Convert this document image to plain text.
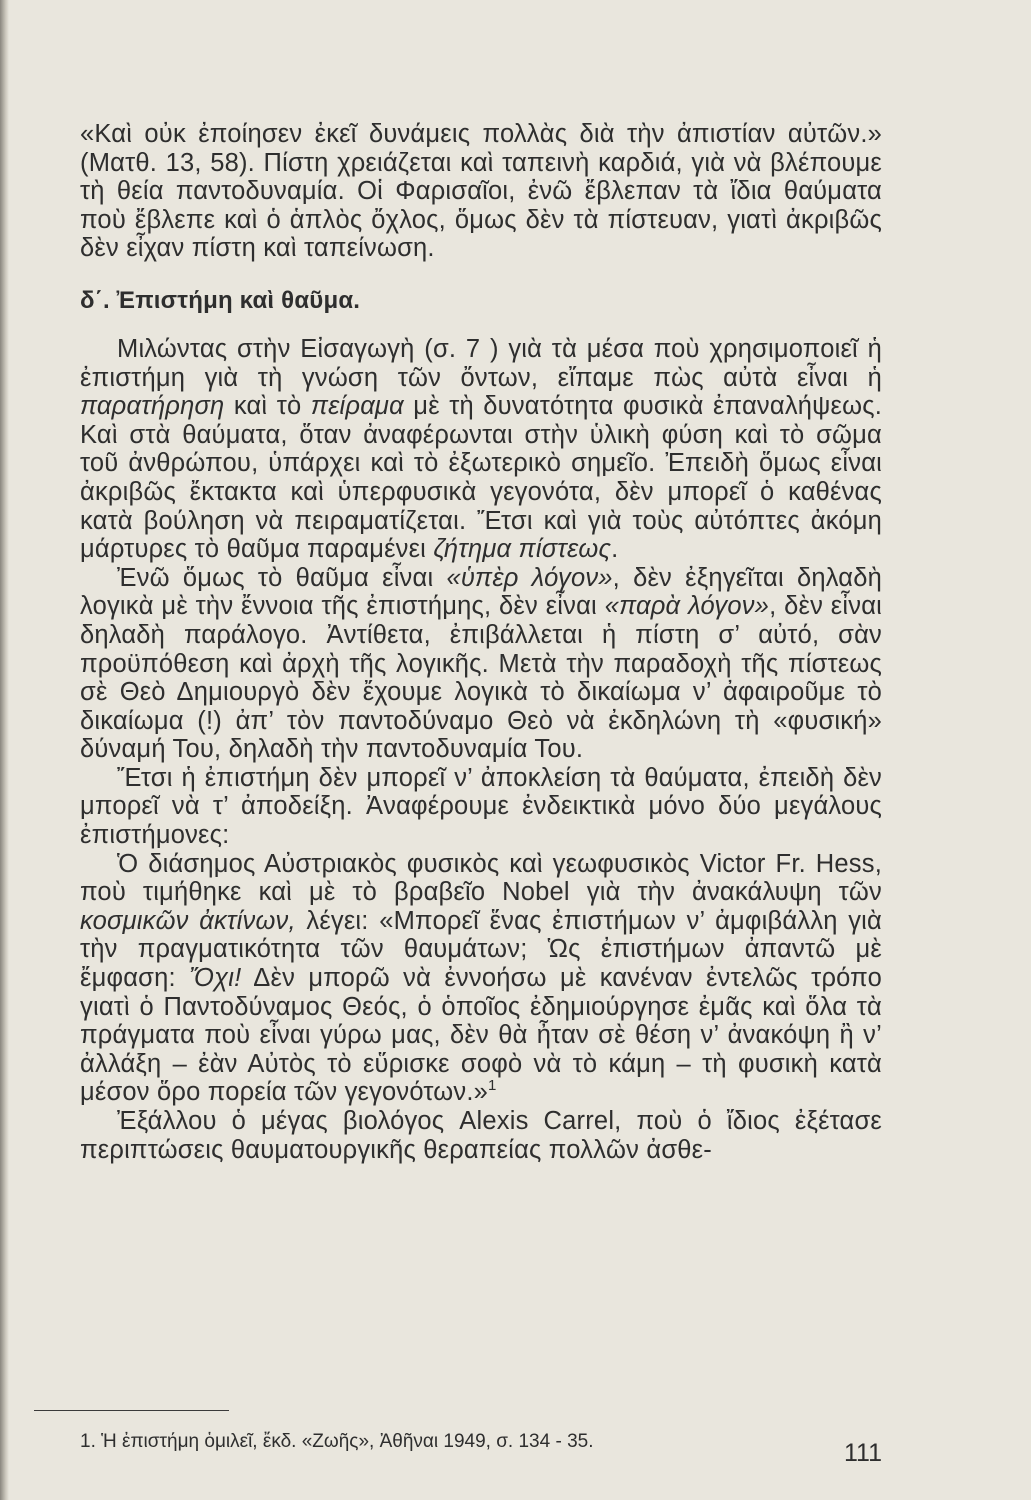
«Καὶ οὐκ ἐποίησεν ἐκεῖ δυνάμεις πολλὰς διὰ τὴν ἀπιστίαν αὐτῶν.» (Ματθ. 13, 58). Πίστη χρειάζεται καὶ ταπεινὴ καρδιά, γιὰ νὰ βλέπουμε τὴ θεία παντοδυναμία. Οἱ Φαρισαῖοι, ἐνῶ ἔβλεπαν τὰ ἴδια θαύματα ποὺ ἔβλεπε καὶ ὁ ἁπλὸς ὄχλος, ὅμως δὲν τὰ πίστευαν, γιατὶ ἀκριβῶς δὲν εἶχαν πίστη καὶ ταπείνωση.

δ΄. Ἐπιστήμη καὶ θαῦμα.

Μιλώντας στὴν Εἰσαγωγὴ (σ. 7 ) γιὰ τὰ μέσα ποὺ χρησιμοποιεῖ ἡ ἐπιστήμη γιὰ τὴ γνώση τῶν ὄντων, εἴπαμε πὼς αὐτὰ εἶναι ἡ παρατήρηση καὶ τὸ πείραμα μὲ τὴ δυνατότητα φυσικὰ ἐπαναλήψεως. Καὶ στὰ θαύματα, ὅταν ἀναφέρωνται στὴν ὑλικὴ φύση καὶ τὸ σῶμα τοῦ ἀνθρώπου, ὑπάρχει καὶ τὸ ἐξωτερικὸ σημεῖο. Ἐπειδὴ ὅμως εἶναι ἀκριβῶς ἔκτακτα καὶ ὑπερφυσικὰ γεγονότα, δὲν μπορεῖ ὁ καθένας κατὰ βούληση νὰ πειραματίζεται. Ἔτσι καὶ γιὰ τοὺς αὐτόπτες ἀκόμη μάρτυρες τὸ θαῦμα παραμένει ζήτημα πίστεως.

Ἐνῶ ὅμως τὸ θαῦμα εἶναι «ὑπὲρ λόγον», δὲν ἐξηγεῖται δηλαδὴ λογικὰ μὲ τὴν ἔννοια τῆς ἐπιστήμης, δὲν εἶναι «παρὰ λόγον», δὲν εἶναι δηλαδὴ παράλογο. Ἀντίθετα, ἐπιβάλλεται ἡ πίστη σ’ αὐτό, σὰν προϋπόθεση καὶ ἀρχὴ τῆς λογικῆς. Μετὰ τὴν παραδοχὴ τῆς πίστεως σὲ Θεὸ Δημιουργὸ δὲν ἔχουμε λογικὰ τὸ δικαίωμα ν’ ἀφαιροῦμε τὸ δικαίωμα (!) ἀπ’ τὸν παντοδύναμο Θεὸ νὰ ἐκδηλώνη τὴ «φυσική» δύναμή Του, δηλαδὴ τὴν παντοδυναμία Του.

Ἔτσι ἡ ἐπιστήμη δὲν μπορεῖ ν’ ἀποκλείση τὰ θαύματα, ἐπειδὴ δὲν μπορεῖ νὰ τ’ ἀποδείξη. Ἀναφέρουμε ἐνδεικτικὰ μόνο δύο μεγάλους ἐπιστήμονες:

Ὁ διάσημος Αὐστριακὸς φυσικὸς καὶ γεωφυσικὸς Victor Fr. Hess, ποὺ τιμήθηκε καὶ μὲ τὸ βραβεῖο Nobel γιὰ τὴν ἀνακάλυψη τῶν κοσμικῶν ἀκτίνων, λέγει: «Μπορεῖ ἕνας ἐπιστήμων ν’ ἀμφιβάλλη γιὰ τὴν πραγματικότητα τῶν θαυμάτων; Ὡς ἐπιστήμων ἀπαντῶ μὲ ἔμφαση: Ὄχι! Δὲν μπορῶ νὰ ἐννοήσω μὲ κανέναν ἐντελῶς τρόπο γιατὶ ὁ Παντοδύναμος Θεός, ὁ ὁποῖος ἐδημιούργησε ἐμᾶς καὶ ὅλα τὰ πράγματα ποὺ εἶναι γύρω μας, δὲν θὰ ἦταν σὲ θέση ν’ ἀνακόψη ἢ ν’ ἀλλάξη – ἐὰν Αὐτὸς τὸ εὕρισκε σοφὸ νὰ τὸ κάμη – τὴ φυσικὴ κατὰ μέσον ὅρο πορεία τῶν γεγονότων.»$^1$

Ἐξάλλου ὁ μέγας βιολόγος Alexis Carrel, ποὺ ὁ ἴδιος ἐξέτασε περιπτώσεις θαυματουργικῆς θεραπείας πολλῶν ἀσθε-

1. Ἡ ἐπιστήμη ὁμιλεῖ, ἔκδ. «Ζωῆς», Ἀθῆναι 1949, σ. 134 - 35.	111
